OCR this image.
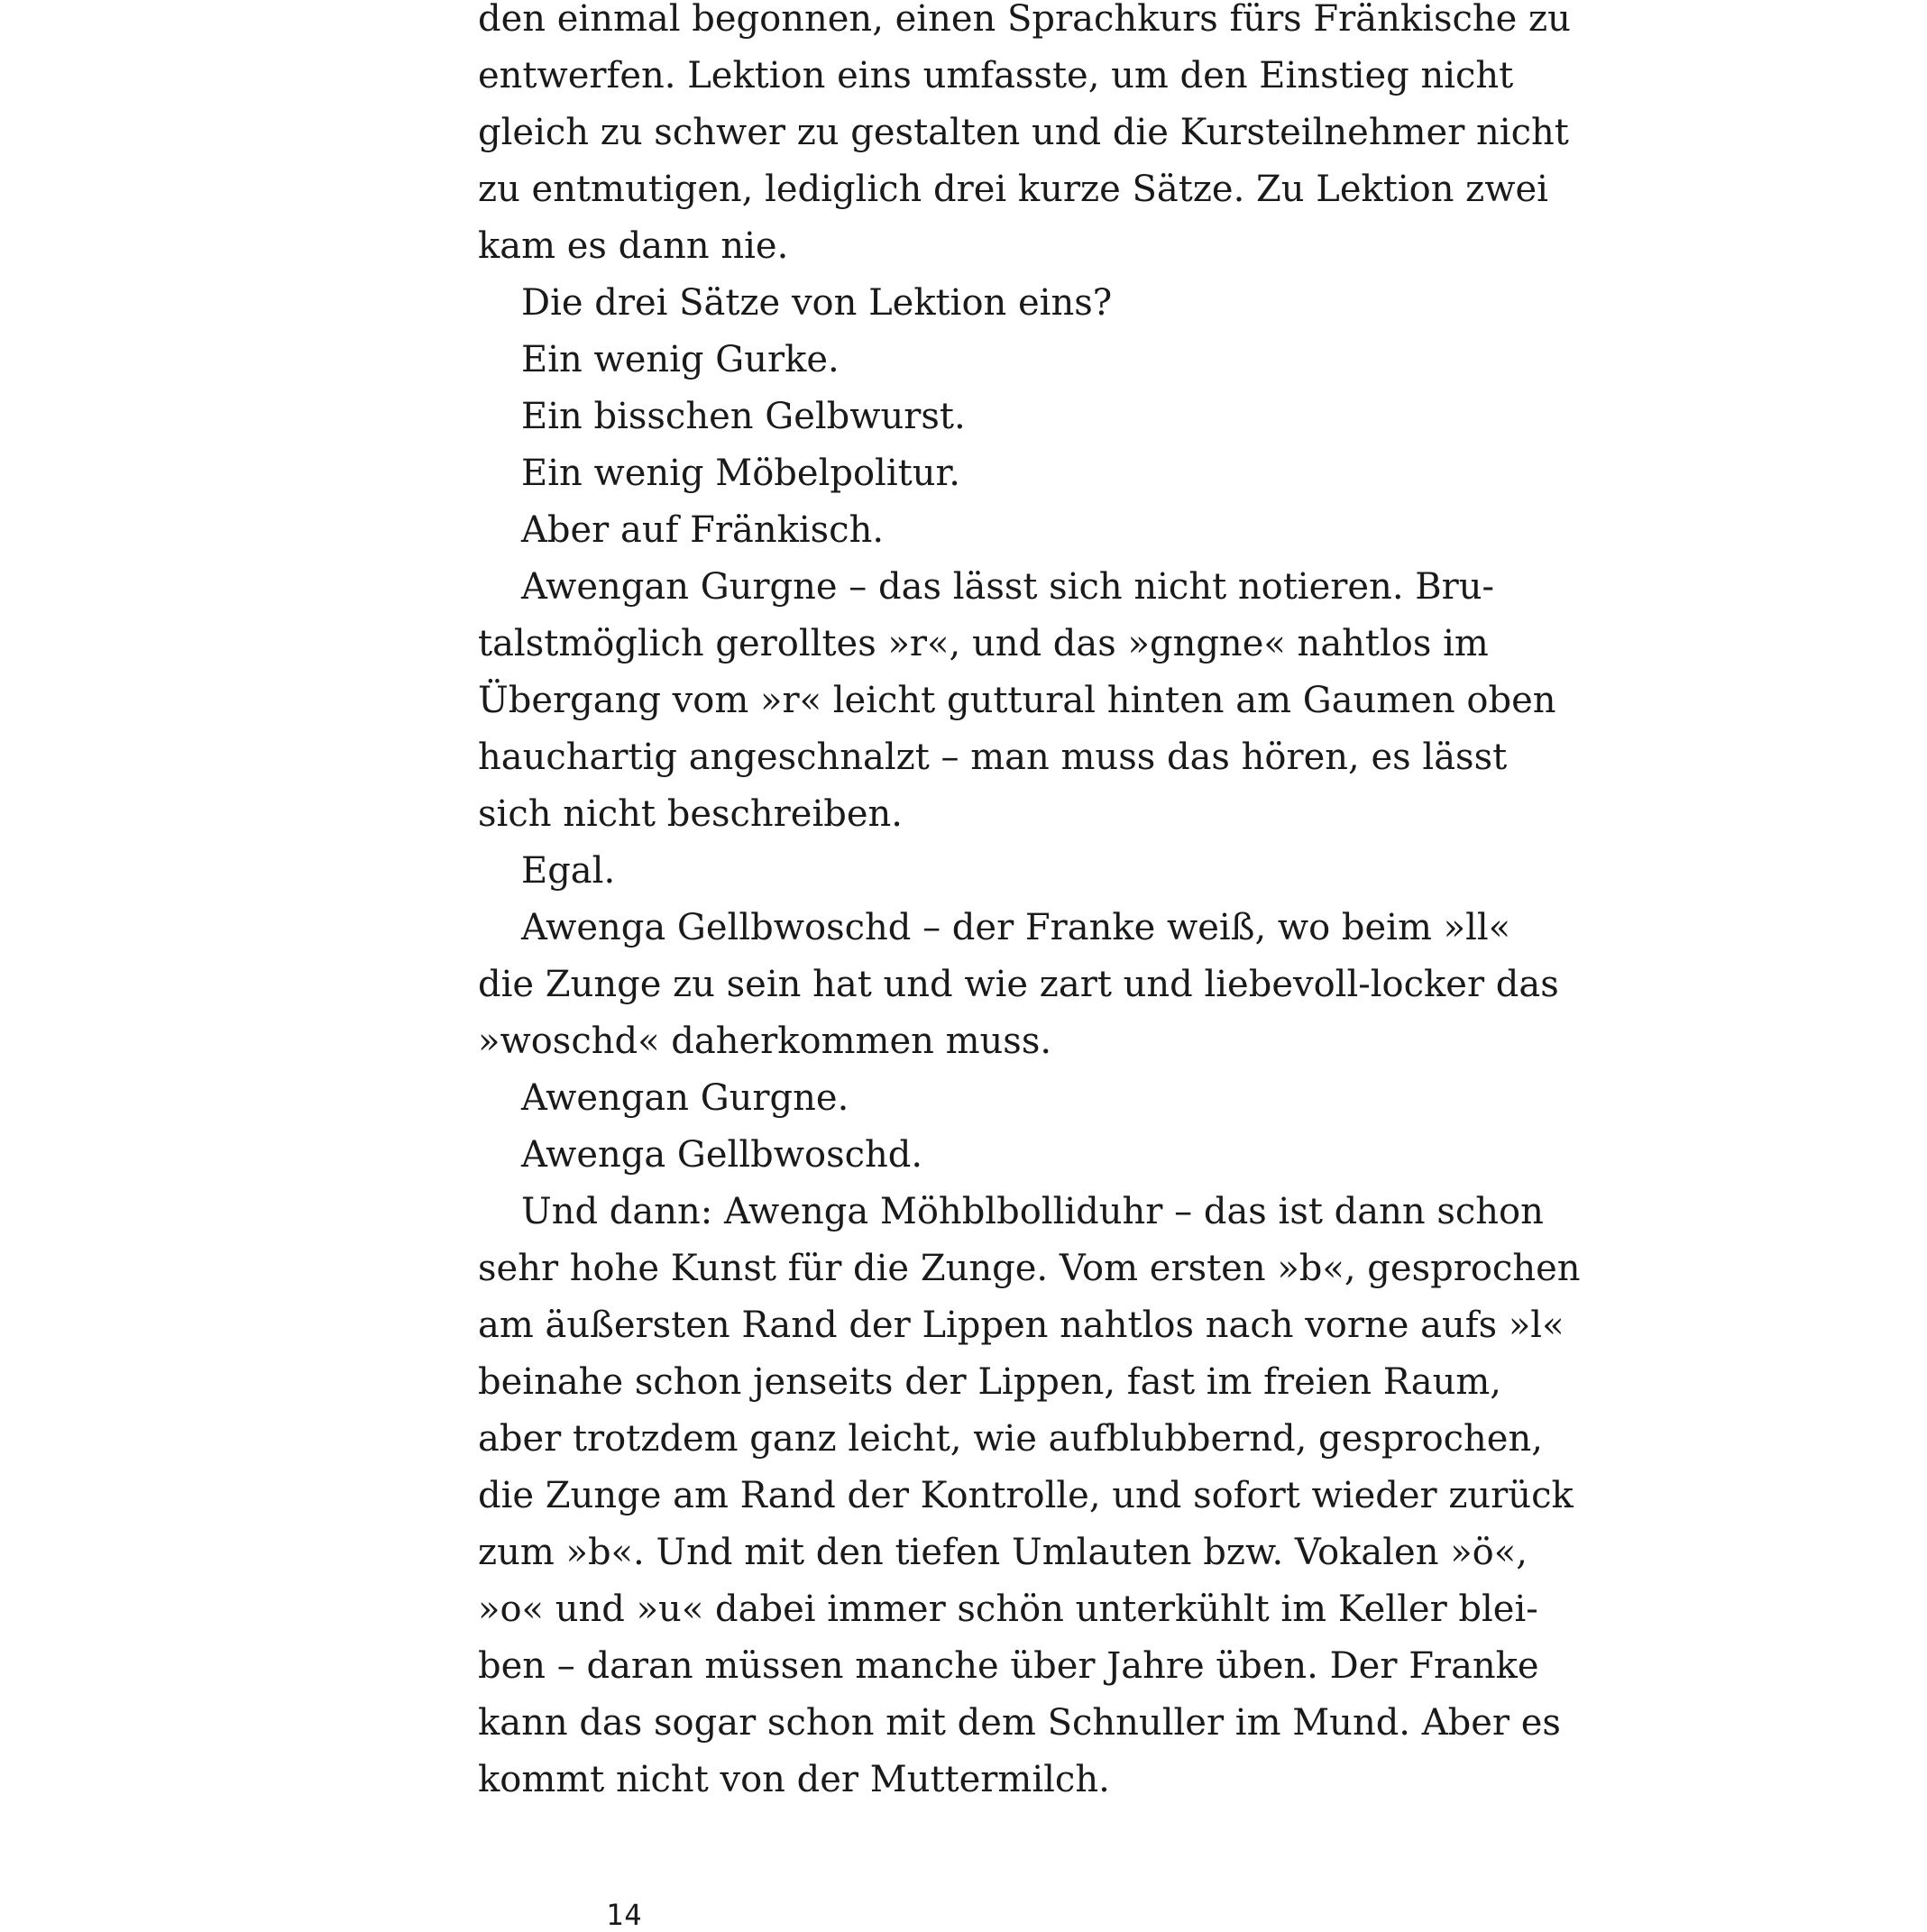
den einmal begonnen, einen Sprachkurs fürs Fränkische zu
entwerfen. Lektion eins umfasste, um den Einstieg nicht
gleich zu schwer zu gestalten und die Kursteilnehmer nicht
zu entmutigen, lediglich drei kurze Sätze. Zu Lektion zwei
kam es dann nie.
Die drei Sätze von Lektion eins?
Ein wenig Gurke.
Ein bisschen Gelbwurst.
Ein wenig Möbelpolitur.
Aber auf Fränkisch.
Awengan Gurgne – das lässt sich nicht notieren. Bru-
talstmöglich gerolltes »r«, und das »gngne« nahtlos im
Übergang vom »r« leicht guttural hinten am Gaumen oben
hauchartig angeschnalzt – man muss das hören, es lässt
sich nicht beschreiben.
Egal.
Awenga Gellbwoschd – der Franke weiß, wo beim »ll«
die Zunge zu sein hat und wie zart und liebevoll-locker das
»woschd« daherkommen muss.
Awengan Gurgne.
Awenga Gellbwoschd.
Und dann: Awenga Möhblbolliduhr – das ist dann schon
sehr hohe Kunst für die Zunge. Vom ersten »b«, gesprochen
am äußersten Rand der Lippen nahtlos nach vorne aufs »l«
beinahe schon jenseits der Lippen, fast im freien Raum,
aber trotzdem ganz leicht, wie aufblubbernd, gesprochen,
die Zunge am Rand der Kontrolle, und sofort wieder zurück
zum »b«. Und mit den tiefen Umlauten bzw. Vokalen »ö«,
»o« und »u« dabei immer schön unterkühlt im Keller blei-
ben – daran müssen manche über Jahre üben. Der Franke
kann das sogar schon mit dem Schnuller im Mund. Aber es
kommt nicht von der Muttermilch.
14
